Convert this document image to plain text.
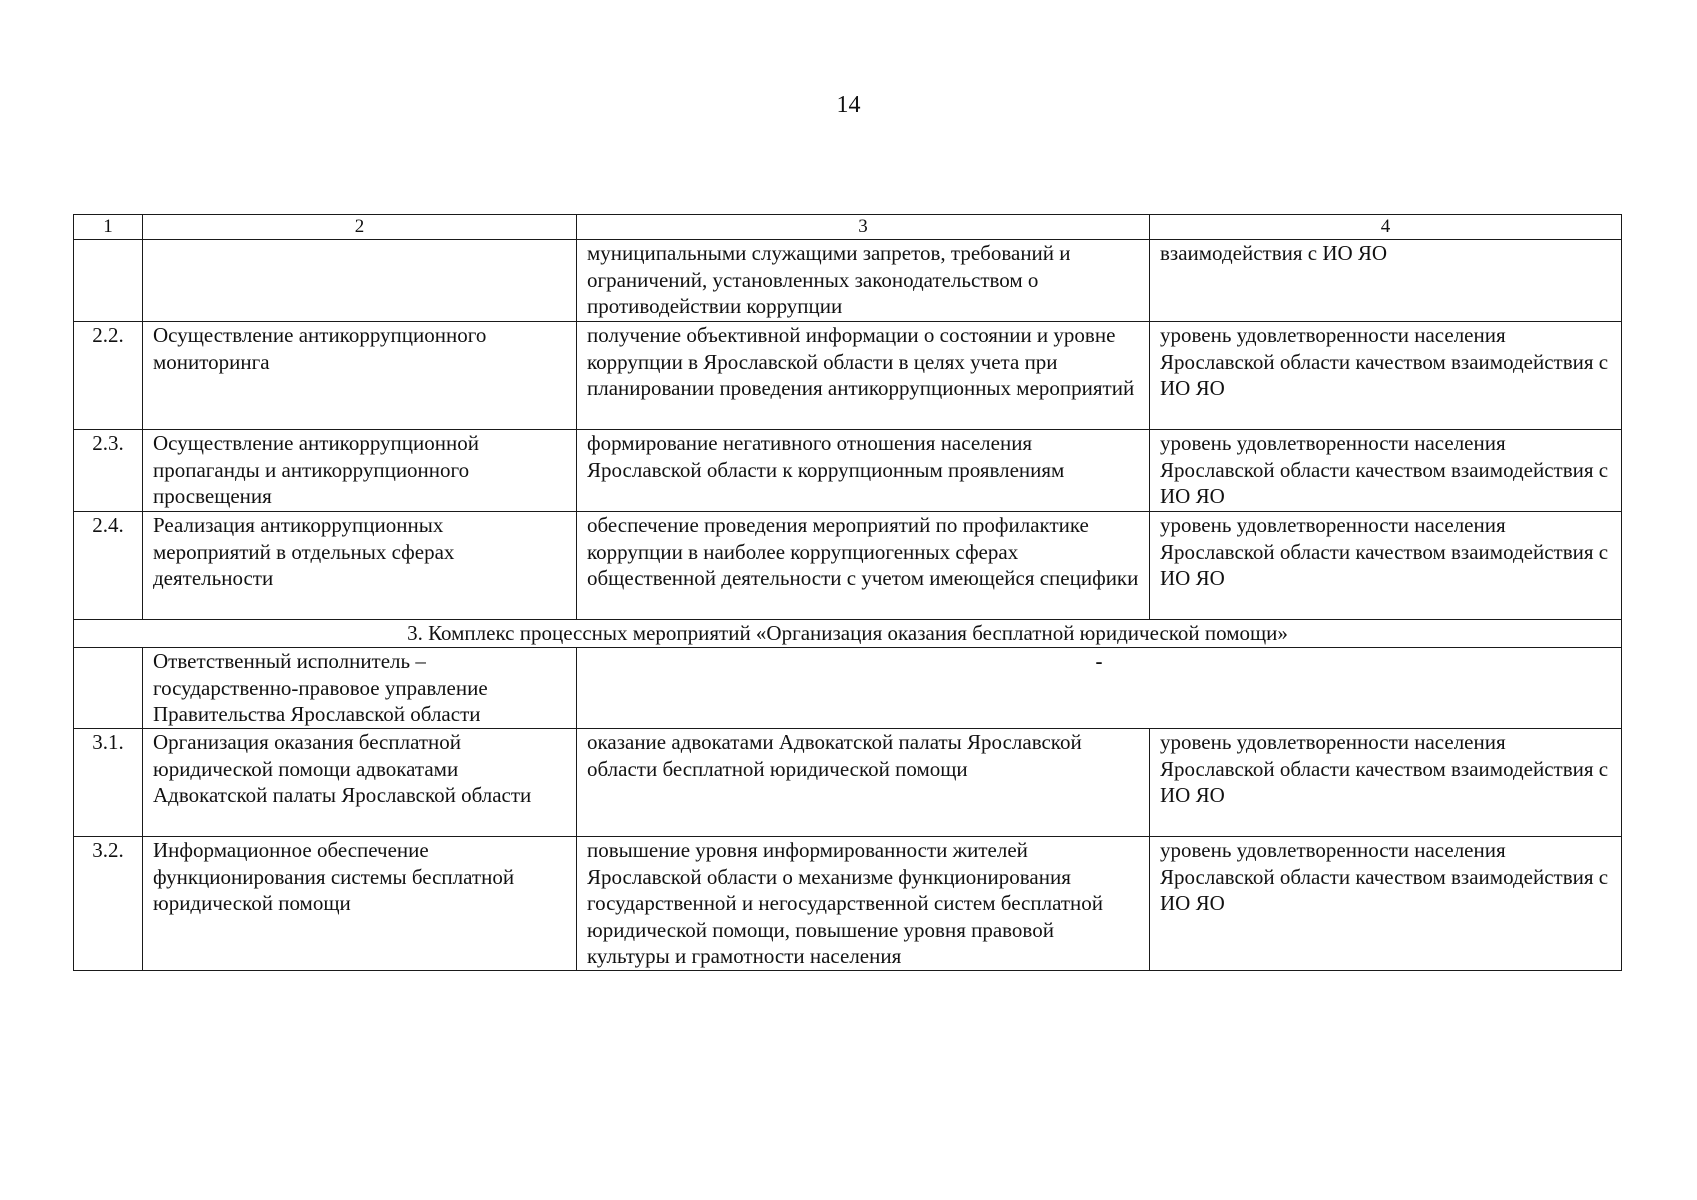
14
1	2	3	4
		муниципальными служащими запретов, требований и ограничений, установленных законодательством о противодействии коррупции	взаимодействия с ИО ЯО
2.2.	Осуществление антикоррупционного мониторинга	получение объективной информации о состоянии и уровне коррупции в Ярославской области в целях учета при планировании проведения антикоррупционных мероприятий	уровень удовлетворенности населения Ярославской области качеством взаимодействия с ИО ЯО
2.3.	Осуществление антикоррупционной пропаганды и антикоррупционного просвещения	формирование негативного отношения населения Ярославской области к коррупционным проявлениям	уровень удовлетворенности населения Ярославской области качеством взаимодействия с ИО ЯО
2.4.	Реализация антикоррупционных мероприятий в отдельных сферах деятельности	обеспечение проведения мероприятий по профилактике коррупции в наиболее коррупциогенных сферах общественной деятельности с учетом имеющейся специфики	уровень удовлетворенности населения Ярославской области качеством взаимодействия с ИО ЯО
3. Комплекс процессных мероприятий «Организация оказания бесплатной юридической помощи»			
	Ответственный исполнитель – государственно-правовое управление Правительства Ярославской области	-	
3.1.	Организация оказания бесплатной юридической помощи адвокатами Адвокатской палаты Ярославской области	оказание адвокатами Адвокатской палаты Ярославской области бесплатной юридической помощи	уровень удовлетворенности населения Ярославской области качеством взаимодействия с ИО ЯО
3.2.	Информационное обеспечение функционирования системы бесплатной юридической помощи	повышение уровня информированности жителей Ярославской области о механизме функционирования государственной и негосударственной систем бесплатной юридической помощи, повышение уровня правовой культуры и грамотности населения	уровень удовлетворенности населения Ярославской области качеством взаимодействия с ИО ЯО
